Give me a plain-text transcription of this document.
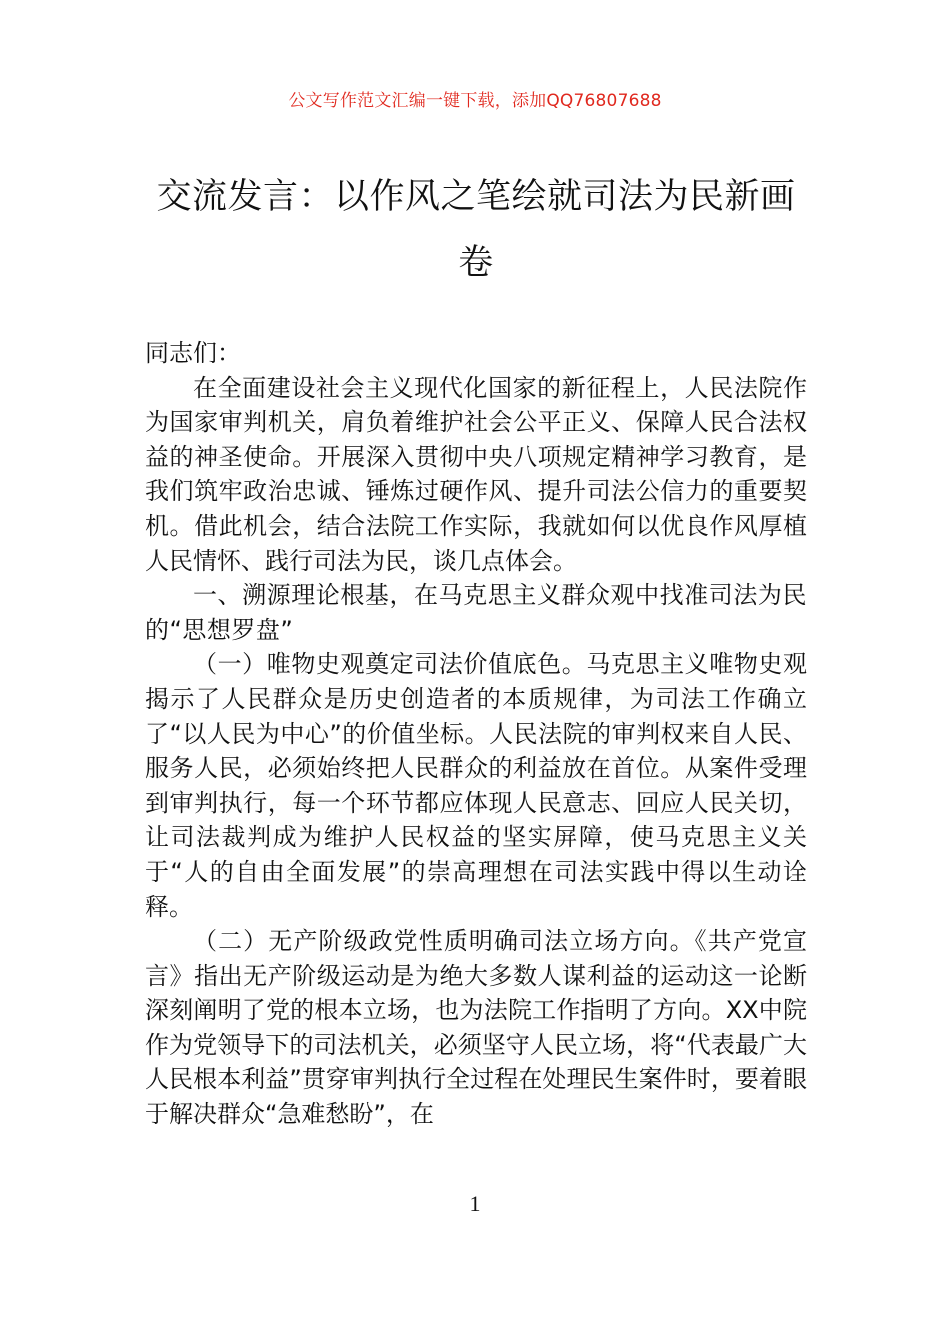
公文写作范文汇编一键下载，添加QQ76807688
交流发言：以作风之笔绘就司法为民新画卷

同志们：

在全面建设社会主义现代化国家的新征程上，人民法院作为国家审判机关，肩负着维护社会公平正义、保障人民合法权益的神圣使命。开展深入贯彻中央八项规定精神学习教育，是我们筑牢政治忠诚、锤炼过硬作风、提升司法公信力的重要契机。借此机会，结合法院工作实际，我就如何以优良作风厚植人民情怀、践行司法为民，谈几点体会。

一、溯源理论根基，在马克思主义群众观中找准司法为民的“思想罗盘”

（一）唯物史观奠定司法价值底色。马克思主义唯物史观揭示了人民群众是历史创造者的本质规律，为司法工作确立了“以人民为中心”的价值坐标。人民法院的审判权来自人民、服务人民，必须始终把人民群众的利益放在首位。从案件受理到审判执行，每一个环节都应体现人民意志、回应人民关切，让司法裁判成为维护人民权益的坚实屏障，使马克思主义关于“人的自由全面发展”的崇高理想在司法实践中得以生动诠释。

（二）无产阶级政党性质明确司法立场方向。《共产党宣言》指出无产阶级运动是为绝大多数人谋利益的运动这一论断深刻阐明了党的根本立场，也为法院工作指明了方向。XX中院作为党领导下的司法机关，必须坚守人民立场，将“代表最广大人民根本利益”贯穿审判执行全过程在处理民生案件时，要着眼于解决群众“急难愁盼”，在

1
